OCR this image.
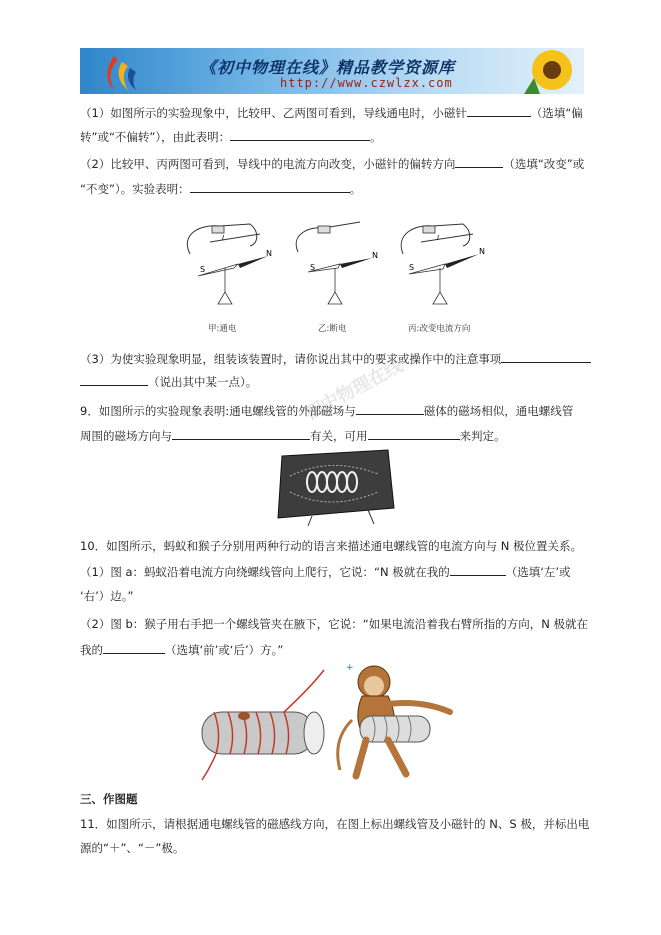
《初中物理在线》精品教学资源库
http://www.czwlzx.com
（1）如图所示的实验现象中，比较甲、乙两图可看到，导线通电时，小磁针	（选填“偏
转”或“不偏转”），由此表明：	。
（2）比较甲、丙两图可看到，导线中的电流方向改变，小磁针的偏转方向	（选填“改变”或
“不变”）。实验表明：	。
N
S
I
N
S
N
S
I
甲:通电	乙:断电	丙:改变电流方向
（3）为使实验现象明显，组装该装置时，请你说出其中的要求或操作中的注意事项
（说出其中某一点）。 初中物理在线
9．如图所示的实验现象表明:通电螺线管的外部磁场与	磁体的磁场相似，通电螺线管
周围的磁场方向与	有关，可用	来判定。
10．如图所示，蚂蚁和猴子分别用两种行动的语言来描述通电螺线管的电流方向与 N 极位置关系。
（1）图 a：蚂蚁沿着电流方向绕螺线管向上爬行，它说：“N 极就在我的	（选填‘左’或
‘右’）边。”
（2）图 b：猴子用右手把一个螺线管夹在腋下，它说：“如果电流沿着我右臂所指的方向，N 极就在
我的	（选填‘前’或‘后’）方。”
+
三、作图题
11．如图所示，请根据通电螺线管的磁感线方向，在图上标出螺线管及小磁针的 N、S 极，并标出电
源的“＋”、“－”极。
